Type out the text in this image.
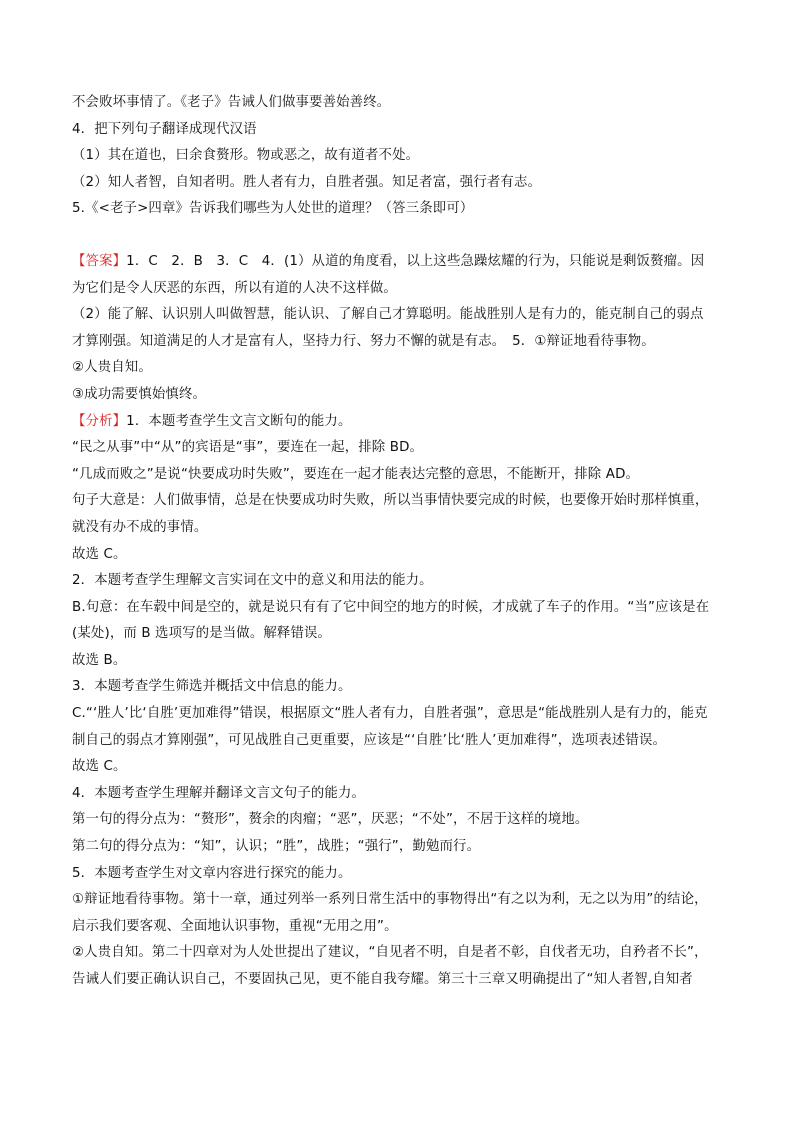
不会败坏事情了。《老子》告诫人们做事要善始善终。
4．把下列句子翻译成现代汉语
（1）其在道也，曰余食赘形。物或恶之，故有道者不处。
（2）知人者智，自知者明。胜人者有力，自胜者强。知足者富，强行者有志。
5.《<老子>四章》告诉我们哪些为人处世的道理？（答三条即可）
【答案】1．C　2．B　3．C　4．(1）从道的角度看，以上这些急躁炫耀的行为，只能说是剩饭赘瘤。因
为它们是令人厌恶的东西，所以有道的人决不这样做。
（2）能了解、认识别人叫做智慧，能认识、了解自己才算聪明。能战胜别人是有力的，能克制自己的弱点
才算刚强。知道满足的人才是富有人，坚持力行、努力不懈的就是有志。　5．①辩证地看待事物。
②人贵自知。
③成功需要慎始慎终。
【分析】1．本题考查学生文言文断句的能力。
“民之从事”中“从”的宾语是“事”，要连在一起，排除 BD。
“几成而败之”是说“快要成功时失败”，要连在一起才能表达完整的意思，不能断开，排除 AD。
句子大意是：人们做事情，总是在快要成功时失败，所以当事情快要完成的时候，也要像开始时那样慎重，
就没有办不成的事情。
故选 C。
2．本题考查学生理解文言实词在文中的意义和用法的能力。
B.句意：在车毂中间是空的，就是说只有有了它中间空的地方的时候，才成就了车子的作用。“当”应该是在
(某处)，而 B 选项写的是当做。解释错误。
故选 B。
3．本题考查学生筛选并概括文中信息的能力。
C.“‘胜人’比‘自胜’更加难得”错误，根据原文“胜人者有力，自胜者强”，意思是“能战胜别人是有力的，能克
制自己的弱点才算刚强”，可见战胜自己更重要，应该是“‘自胜’比‘胜人’更加难得”，选项表述错误。
故选 C。
4．本题考查学生理解并翻译文言文句子的能力。
第一句的得分点为：“赘形”，赘余的肉瘤；“恶”，厌恶；“不处”，不居于这样的境地。
第二句的得分点为：“知”，认识；“胜”，战胜；“强行”，勤勉而行。
5．本题考查学生对文章内容进行探究的能力。
①辩证地看待事物。第十一章，通过列举一系列日常生活中的事物得出“有之以为利，无之以为用”的结论，
启示我们要客观、全面地认识事物，重视“无用之用”。
②人贵自知。第二十四章对为人处世提出了建议，“自见者不明，自是者不彰，自伐者无功，自矜者不长”，
告诫人们要正确认识自己，不要固执己见，更不能自我夸耀。第三十三章又明确提出了“知人者智,自知者
